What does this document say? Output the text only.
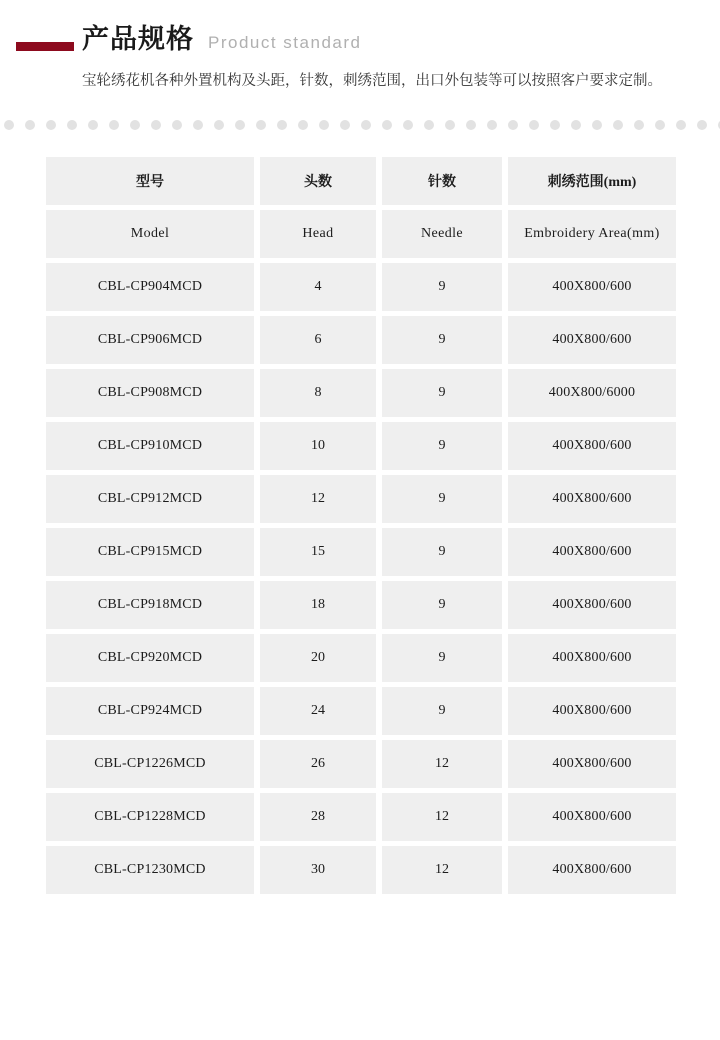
产品规格 Product standard
宝轮绣花机各种外置机构及头距，针数，刺绣范围，出口外包装等可以按照客户要求定制。
型号	头数	针数	刺绣范围(mm)
Model	Head	Needle	Embroidery Area(mm)
CBL-CP904MCD	4	9	400X800/600
CBL-CP906MCD	6	9	400X800/600
CBL-CP908MCD	8	9	400X800/6000
CBL-CP910MCD	10	9	400X800/600
CBL-CP912MCD	12	9	400X800/600
CBL-CP915MCD	15	9	400X800/600
CBL-CP918MCD	18	9	400X800/600
CBL-CP920MCD	20	9	400X800/600
CBL-CP924MCD	24	9	400X800/600
CBL-CP1226MCD	26	12	400X800/600
CBL-CP1228MCD	28	12	400X800/600
CBL-CP1230MCD	30	12	400X800/600
